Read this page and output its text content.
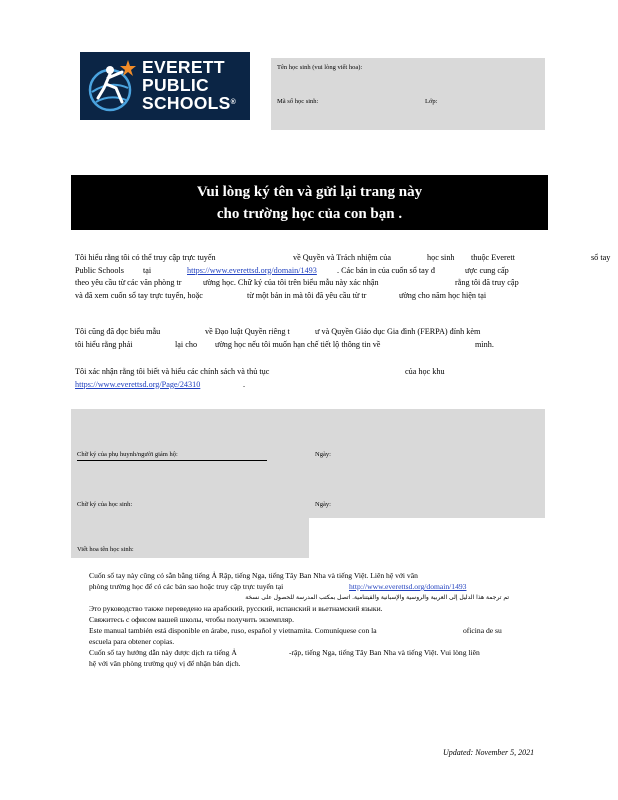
EVERETT
PUBLIC
SCHOOLS®
Tên học sinh (vui lòng viết hoa):
Mã số học sinh:	Lớp:
Vui lòng ký tên và gửi lại trang này
cho trường học của con bạn .
Tôi hiểu rằng tôi có thể truy cập trực tuyến	về Quyền và Trách nhiệm của	học sinh thuộc Everett	sổ tay
Public Schools tại	https://www.everettsd.org/domain/1493 . Các bản in của cuốn sổ tay đ	ược cung cấp
theo yêu cầu từ các văn phòng tr	ường học. Chữ ký của tôi trên biểu mẫu này xác nhận	rằng tôi đã truy cập
và đã xem cuốn sổ tay trực tuyến, hoặc	từ một bản in mà tôi đã yêu cầu từ tr	ường cho năm học hiện tại
Tôi cũng đã đọc biểu mẫu	về Đạo luật Quyền riêng t	ư và Quyền Giáo dục Gia đình (FERPA) đính kèm
tôi hiểu rằng phải	lại cho ường học nếu tôi muốn hạn chế tiết lộ thông tin về	mình.
Tôi xác nhận rằng tôi biết và hiểu các chính sách và thủ tục	của học khu
https://www.everettsd.org/Page/24310	.
Chữ ký của phụ huynh/người giám hộ:	Ngày:
Chữ ký của học sinh:	Ngày:
Viết hoa tên học sinh:
Cuốn sổ tay này cũng có sẵn bằng tiếng Ả Rập, tiếng Nga, tiếng Tây Ban Nha và tiếng Việt. Liên hệ với văn
phòng trường học để có các bản sao hoặc truy cập trực tuyến tại	http://www.everettsd.org/domain/1493
تم ترجمة هذا الدليل إلى العربية والروسية والإسبانية والفيتنامية. اتصل بمكتب المدرسة للحصول على نسخة
Это руководство также переведено на арабский, русский, испанский и вьетнамский языки.
Свяжитесь с офисом вашей школы, чтобы получить экземпляр.
Este manual también está disponible en árabe, ruso, español y vietnamita. Comuníquese con la	oficina de su
escuela para obtener copias.
Cuốn sổ tay hướng dẫn này được dịch ra tiếng Ả	-rập, tiếng Nga, tiếng Tây Ban Nha và tiếng Việt. Vui lòng liên
hệ với văn phòng trường quý vị để nhận bản dịch.
Updated: November 5, 2021
